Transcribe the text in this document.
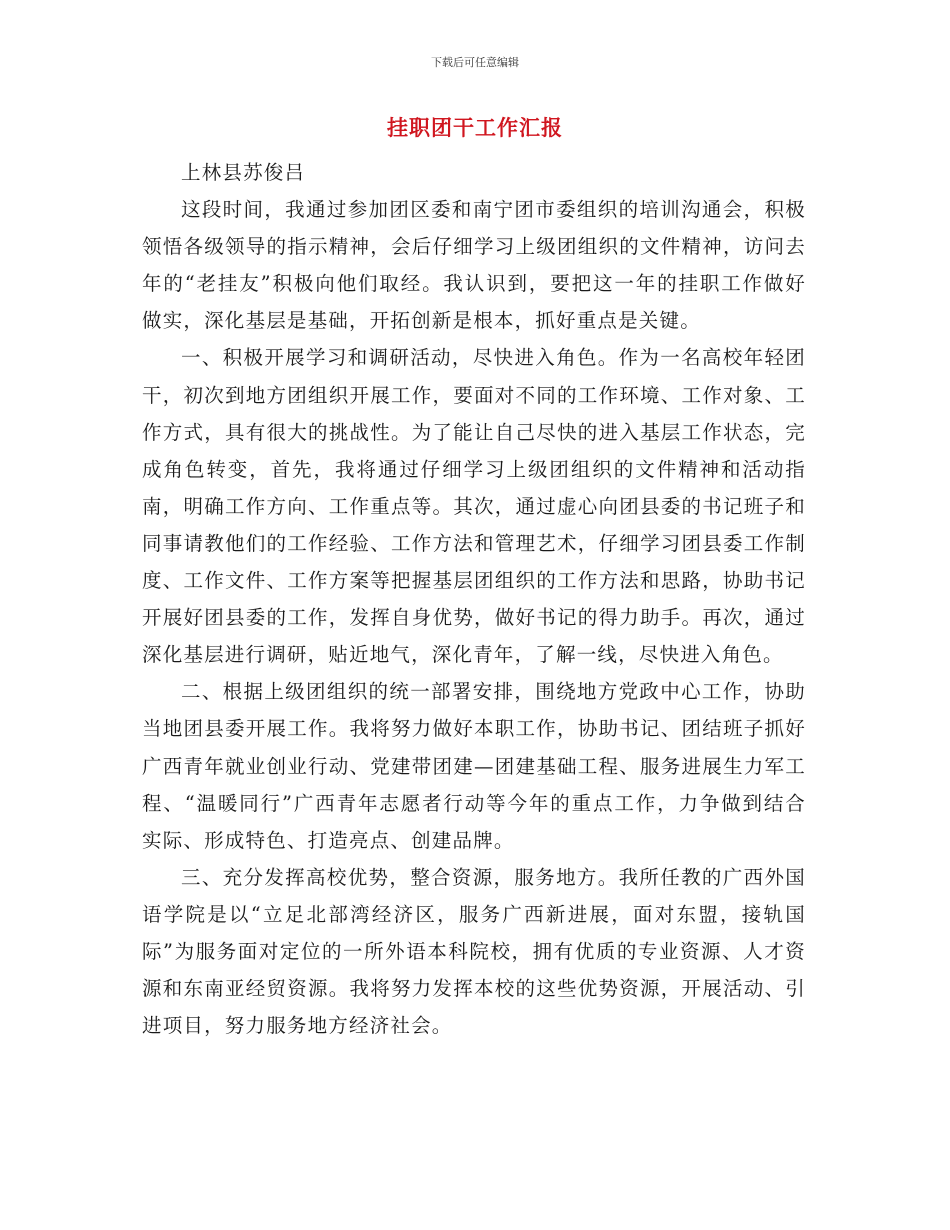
下载后可任意编辑
挂职团干工作汇报

上林县苏俊吕

这段时间，我通过参加团区委和南宁团市委组织的培训沟通会，积极领悟各级领导的指示精神，会后仔细学习上级团组织的文件精神，访问去年的“老挂友”积极向他们取经。我认识到，要把这一年的挂职工作做好做实，深化基层是基础，开拓创新是根本，抓好重点是关键。

一、积极开展学习和调研活动，尽快进入角色。作为一名高校年轻团干，初次到地方团组织开展工作，要面对不同的工作环境、工作对象、工作方式，具有很大的挑战性。为了能让自己尽快的进入基层工作状态，完成角色转变，首先，我将通过仔细学习上级团组织的文件精神和活动指南，明确工作方向、工作重点等。其次，通过虚心向团县委的书记班子和同事请教他们的工作经验、工作方法和管理艺术，仔细学习团县委工作制度、工作文件、工作方案等把握基层团组织的工作方法和思路，协助书记开展好团县委的工作，发挥自身优势，做好书记的得力助手。再次，通过深化基层进行调研，贴近地气，深化青年，了解一线，尽快进入角色。

二、根据上级团组织的统一部署安排，围绕地方党政中心工作，协助当地团县委开展工作。我将努力做好本职工作，协助书记、团结班子抓好广西青年就业创业行动、党建带团建—团建基础工程、服务进展生力军工程、“温暖同行”广西青年志愿者行动等今年的重点工作，力争做到结合实际、形成特色、打造亮点、创建品牌。

三、充分发挥高校优势，整合资源，服务地方。我所任教的广西外国语学院是以“立足北部湾经济区，服务广西新进展，面对东盟，接轨国际”为服务面对定位的一所外语本科院校，拥有优质的专业资源、人才资源和东南亚经贸资源。我将努力发挥本校的这些优势资源，开展活动、引进项目，努力服务地方经济社会。
